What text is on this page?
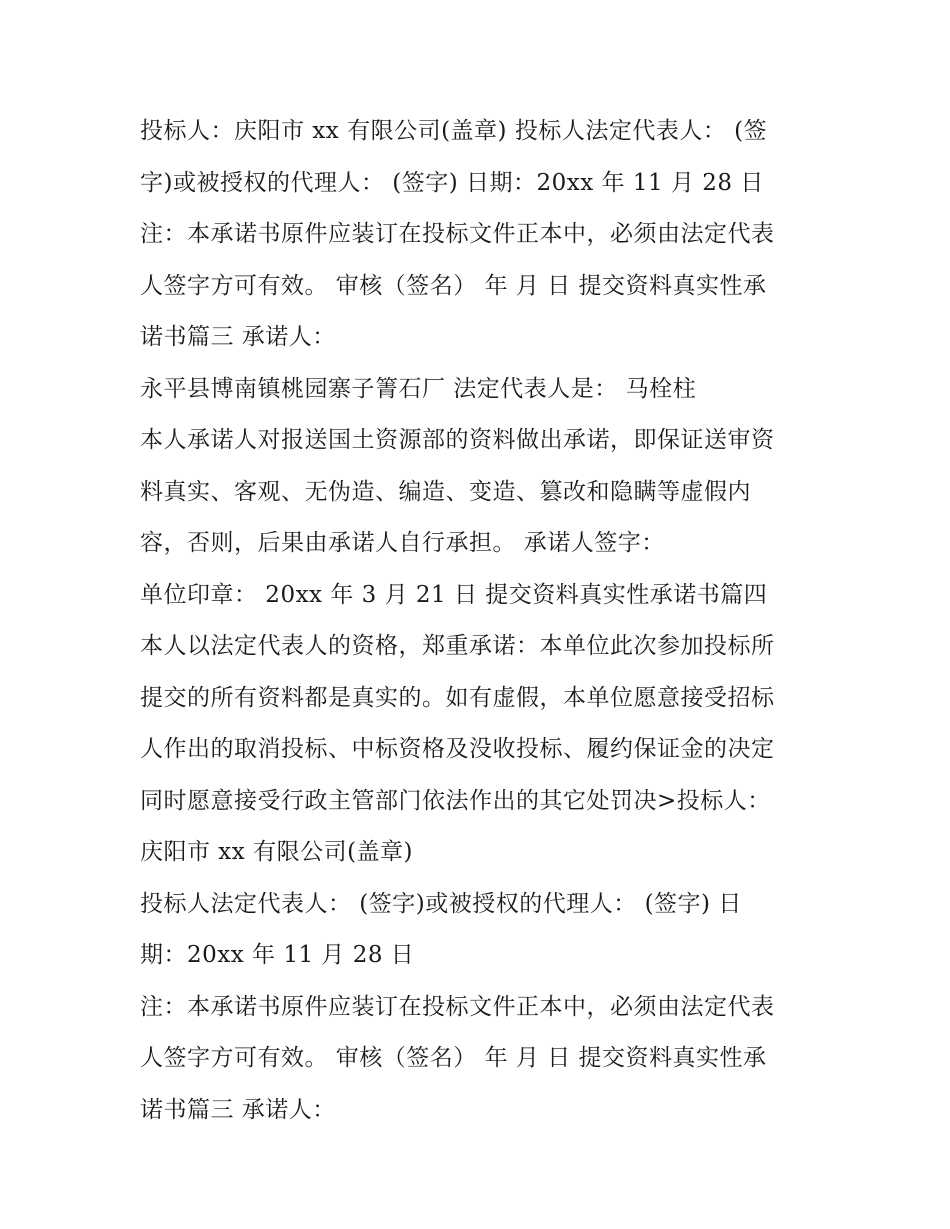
投标人：庆阳市 xx 有限公司(盖章) 投标人法定代表人： (签
字)或被授权的代理人： (签字) 日期：20xx 年 11 月 28 日
注：本承诺书原件应装订在投标文件正本中，必须由法定代表
人签字方可有效。 审核（签名） 年 月 日 提交资料真实性承
诺书篇三 承诺人：
永平县博南镇桃园寨子箐石厂 法定代表人是： 马栓柱
本人承诺人对报送国土资源部的资料做出承诺，即保证送审资
料真实、客观、无伪造、编造、变造、篡改和隐瞒等虚假内
容，否则，后果由承诺人自行承担。 承诺人签字：
单位印章： 20xx 年 3 月 21 日 提交资料真实性承诺书篇四
本人以法定代表人的资格，郑重承诺：本单位此次参加投标所
提交的所有资料都是真实的。如有虚假，本单位愿意接受招标
人作出的取消投标、中标资格及没收投标、履约保证金的决定
同时愿意接受行政主管部门依法作出的其它处罚决>投标人：
庆阳市 xx 有限公司(盖章)
投标人法定代表人： (签字)或被授权的代理人： (签字) 日
期：20xx 年 11 月 28 日
注：本承诺书原件应装订在投标文件正本中，必须由法定代表
人签字方可有效。 审核（签名） 年 月 日 提交资料真实性承
诺书篇三 承诺人：
